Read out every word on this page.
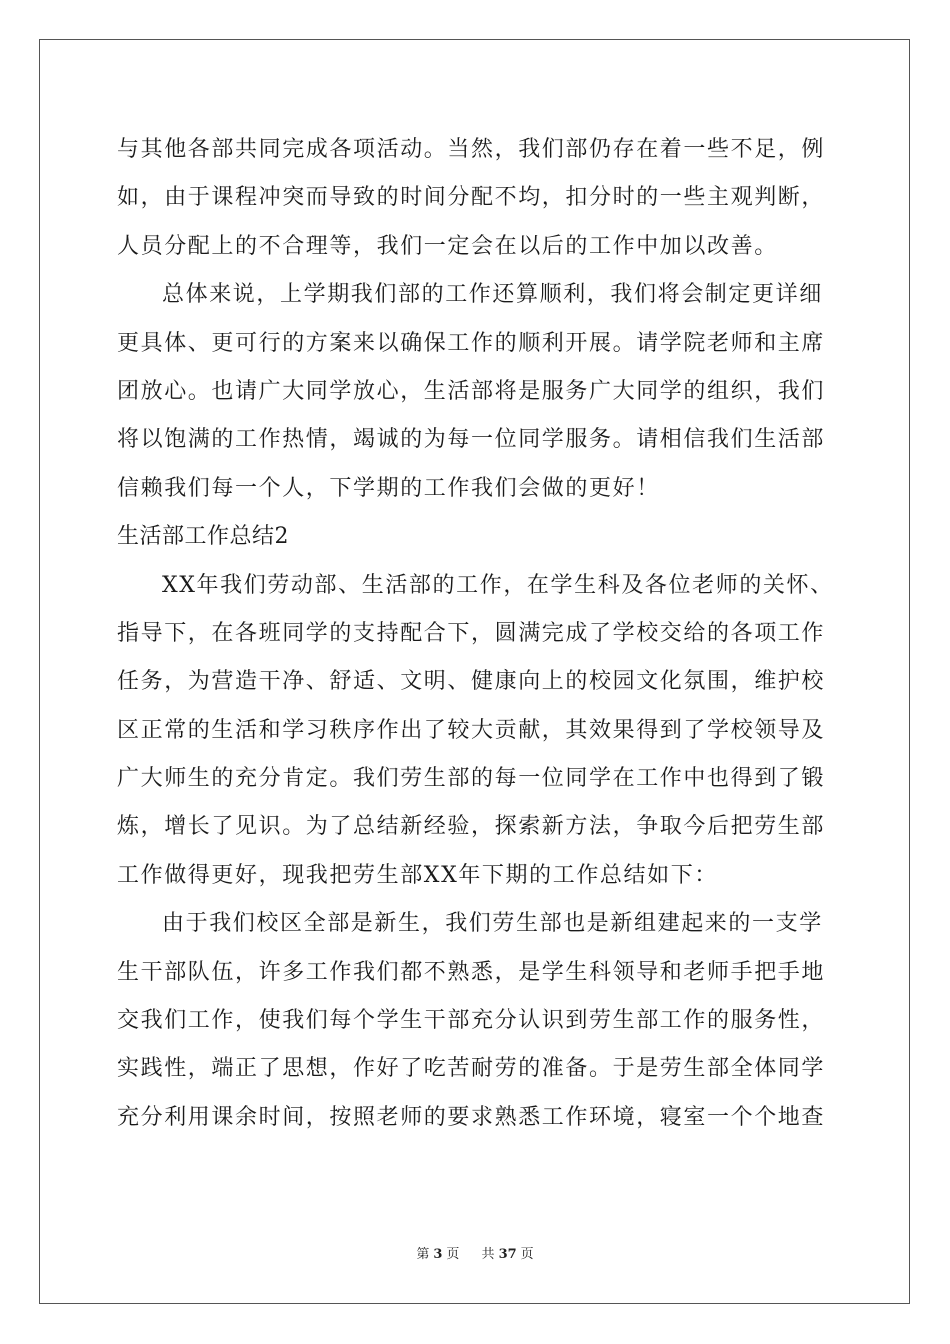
与其他各部共同完成各项活动。当然，我们部仍存在着一些不足，例
如，由于课程冲突而导致的时间分配不均，扣分时的一些主观判断，
人员分配上的不合理等，我们一定会在以后的工作中加以改善。
总体来说，上学期我们部的工作还算顺利，我们将会制定更详细
更具体、更可行的方案来以确保工作的顺利开展。请学院老师和主席
团放心。也请广大同学放心，生活部将是服务广大同学的组织，我们
将以饱满的工作热情，竭诚的为每一位同学服务。请相信我们生活部
信赖我们每一个人，下学期的工作我们会做的更好！
生活部工作总结2
XX年我们劳动部、生活部的工作，在学生科及各位老师的关怀、
指导下，在各班同学的支持配合下，圆满完成了学校交给的各项工作
任务，为营造干净、舒适、文明、健康向上的校园文化氛围，维护校
区正常的生活和学习秩序作出了较大贡献，其效果得到了学校领导及
广大师生的充分肯定。我们劳生部的每一位同学在工作中也得到了锻
炼，增长了见识。为了总结新经验，探索新方法，争取今后把劳生部
工作做得更好，现我把劳生部XX年下期的工作总结如下：
由于我们校区全部是新生，我们劳生部也是新组建起来的一支学
生干部队伍，许多工作我们都不熟悉，是学生科领导和老师手把手地
交我们工作，使我们每个学生干部充分认识到劳生部工作的服务性，
实践性，端正了思想，作好了吃苦耐劳的准备。于是劳生部全体同学
充分利用课余时间，按照老师的要求熟悉工作环境，寝室一个个地查
第 3 页 共 37 页
